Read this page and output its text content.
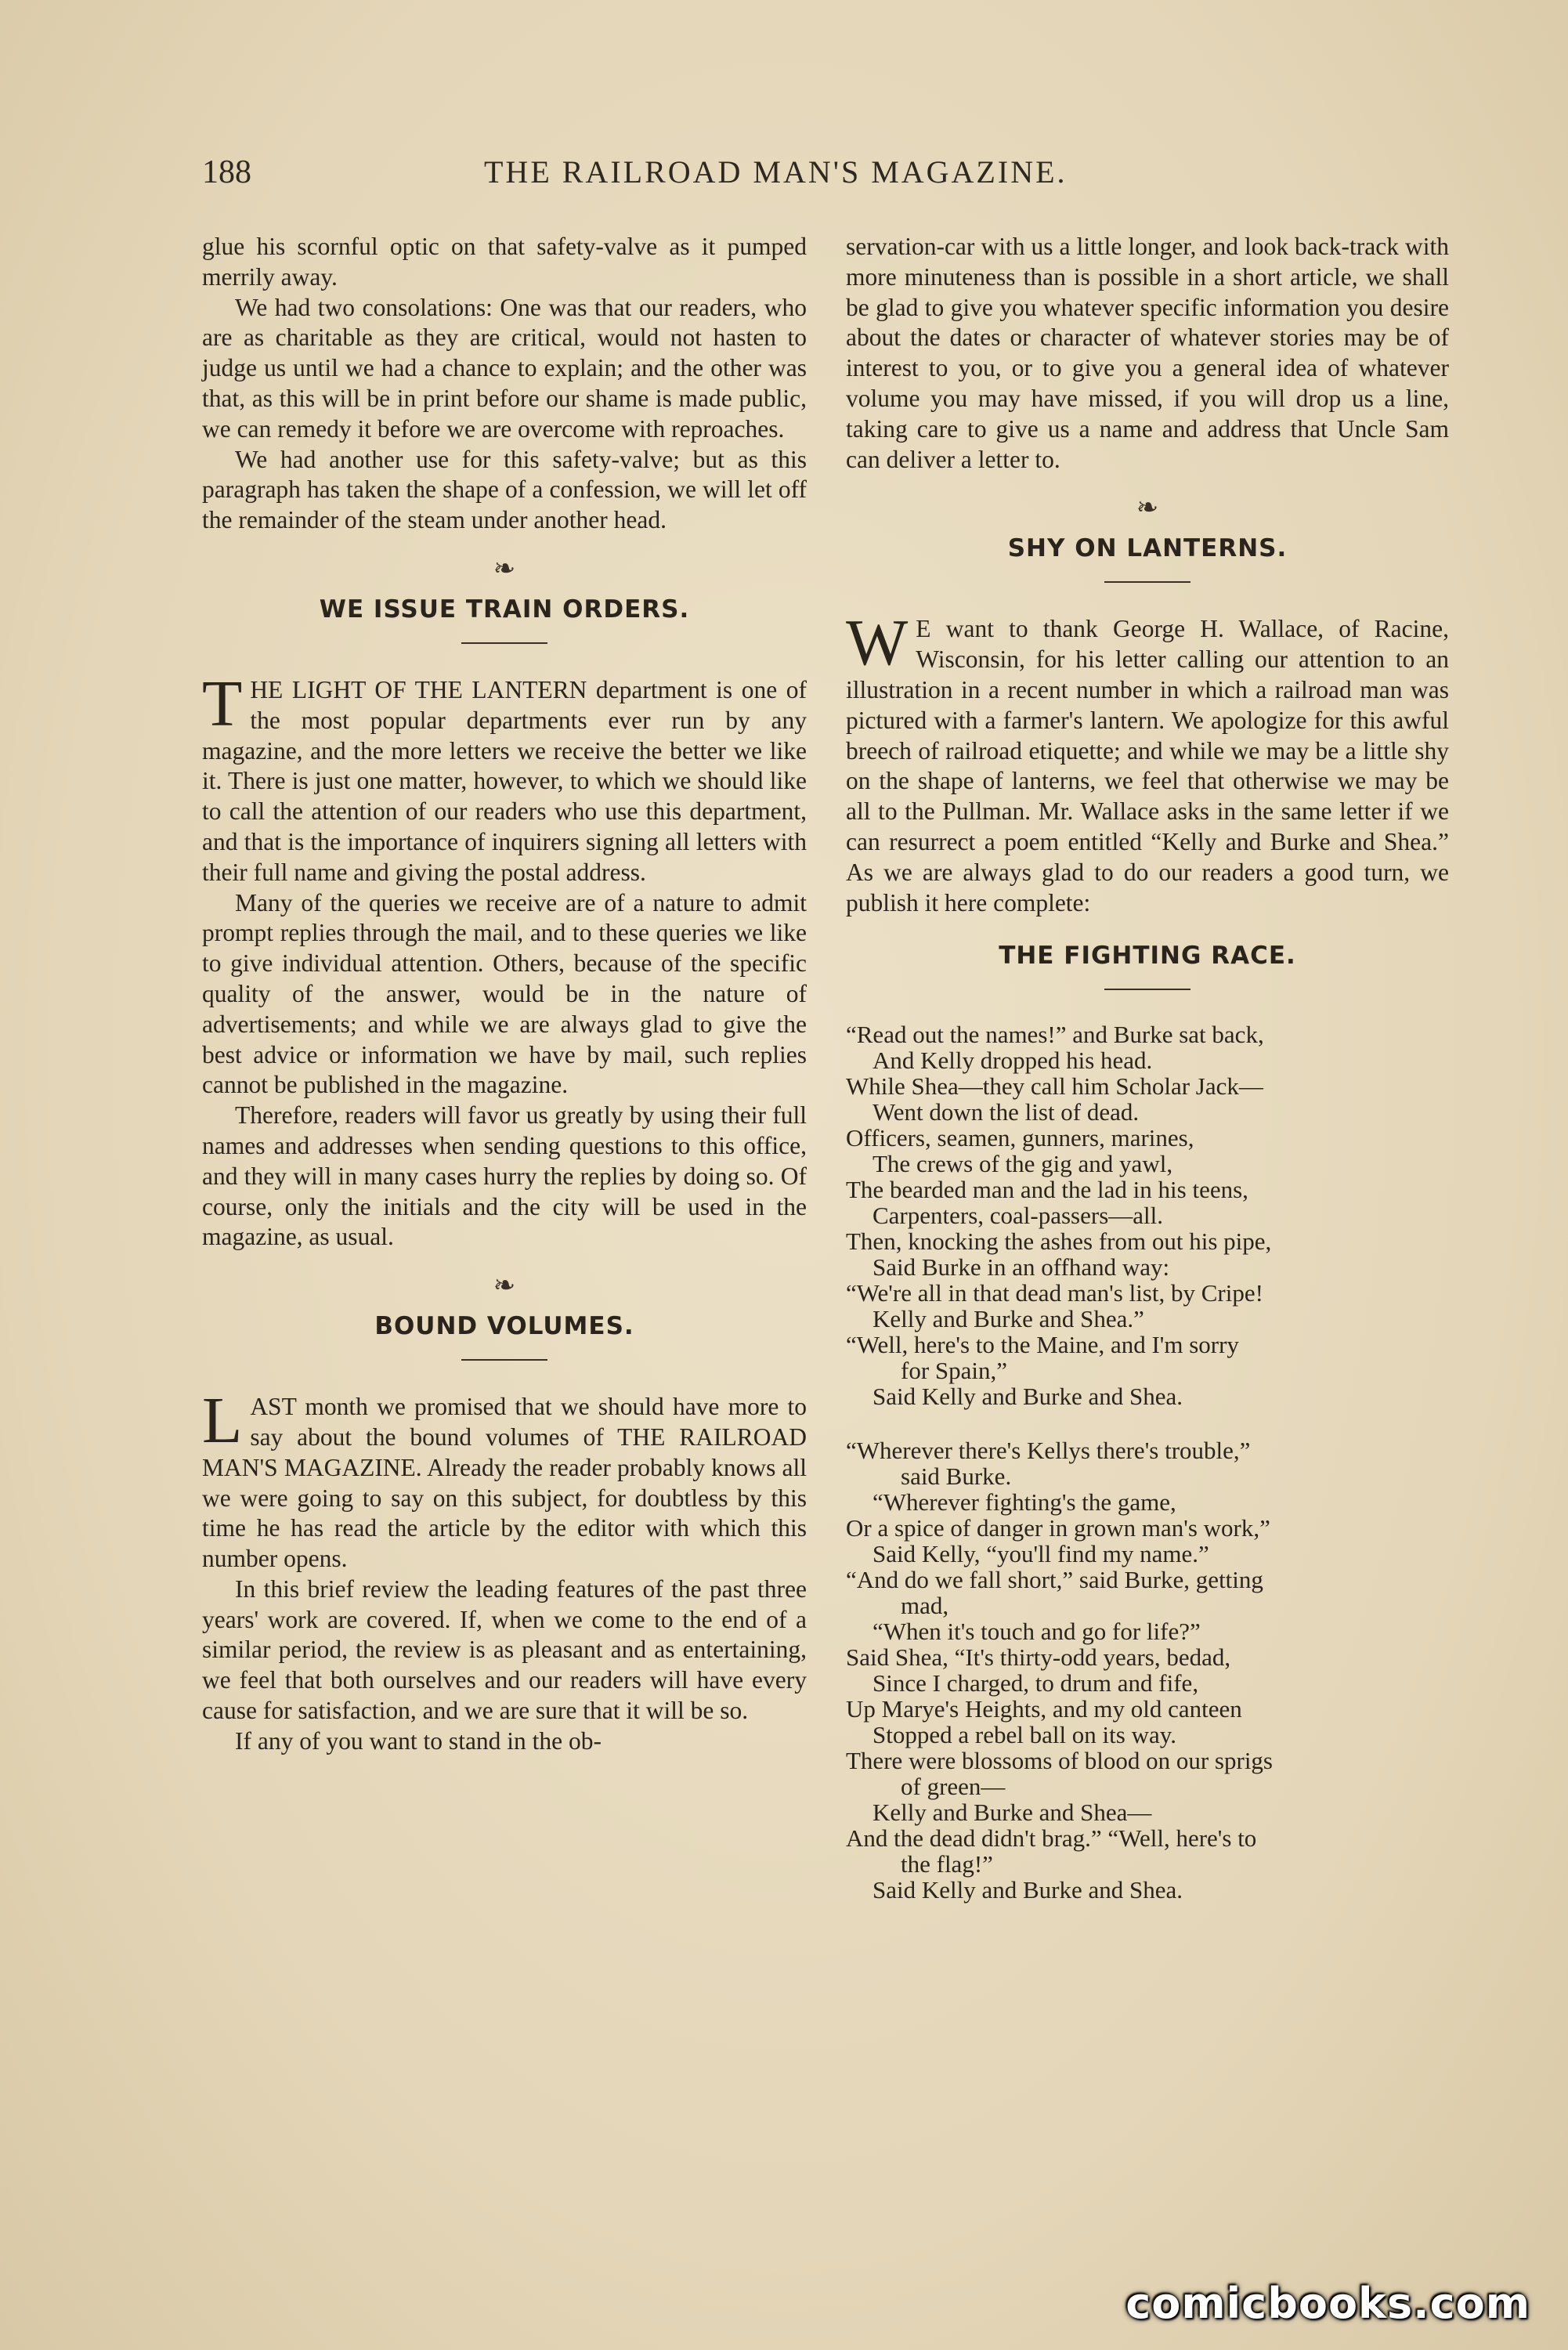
188	THE RAILROAD MAN'S MAGAZINE.

glue his scornful optic on that safety-valve as it pumped merrily away.

We had two consolations: One was that our readers, who are as charitable as they are critical, would not hasten to judge us until we had a chance to explain; and the other was that, as this will be in print before our shame is made public, we can remedy it before we are overcome with reproaches.

We had another use for this safety-valve; but as this paragraph has taken the shape of a confession, we will let off the remainder of the steam under another head.

❧
WE ISSUE TRAIN ORDERS.

THE LIGHT OF THE LANTERN department is one of the most popular departments ever run by any magazine, and the more letters we receive the better we like it. There is just one matter, however, to which we should like to call the attention of our readers who use this department, and that is the importance of inquirers signing all letters with their full name and giving the postal address.

Many of the queries we receive are of a nature to admit prompt replies through the mail, and to these queries we like to give individual attention. Others, because of the specific quality of the answer, would be in the nature of advertisements; and while we are always glad to give the best advice or information we have by mail, such replies cannot be published in the magazine.

Therefore, readers will favor us greatly by using their full names and addresses when sending questions to this office, and they will in many cases hurry the replies by doing so. Of course, only the initials and the city will be used in the magazine, as usual.

❧
BOUND VOLUMES.

LAST month we promised that we should have more to say about the bound volumes of THE RAILROAD MAN'S MAGAZINE. Already the reader probably knows all we were going to say on this subject, for doubtless by this time he has read the article by the editor with which this number opens.

In this brief review the leading features of the past three years' work are covered. If, when we come to the end of a similar period, the review is as pleasant and as entertaining, we feel that both ourselves and our readers will have every cause for satisfaction, and we are sure that it will be so.

If any of you want to stand in the ob-

servation-car with us a little longer, and look back-track with more minuteness than is possible in a short article, we shall be glad to give you whatever specific information you desire about the dates or character of whatever stories may be of interest to you, or to give you a general idea of whatever volume you may have missed, if you will drop us a line, taking care to give us a name and address that Uncle Sam can deliver a letter to.

❧
SHY ON LANTERNS.

W E want to thank George H. Wallace, of Racine, Wisconsin, for his letter calling our attention to an illustration in a recent number in which a railroad man was pictured with a farmer's lantern. We apologize for this awful breech of railroad etiquette; and while we may be a little shy on the shape of lanterns, we feel that otherwise we may be all to the Pullman. Mr. Wallace asks in the same letter if we can resurrect a poem entitled “Kelly and Burke and Shea.” As we are always glad to do our readers a good turn, we publish it here complete:

THE FIGHTING RACE.
“Read out the names!” and Burke sat back,
And Kelly dropped his head.
While Shea—they call him Scholar Jack—
Went down the list of dead.
Officers, seamen, gunners, marines,
The crews of the gig and yawl,
The bearded man and the lad in his teens,
Carpenters, coal-passers—all.
Then, knocking the ashes from out his pipe,
Said Burke in an offhand way:
“We're all in that dead man's list, by Cripe!
Kelly and Burke and Shea.”
“Well, here's to the Maine, and I'm sorry
for Spain,”
Said Kelly and Burke and Shea.
“Wherever there's Kellys there's trouble,”
said Burke.
“Wherever fighting's the game,
Or a spice of danger in grown man's work,”
Said Kelly, “you'll find my name.”
“And do we fall short,” said Burke, getting
mad,
“When it's touch and go for life?”
Said Shea, “It's thirty-odd years, bedad,
Since I charged, to drum and fife,
Up Marye's Heights, and my old canteen
Stopped a rebel ball on its way.
There were blossoms of blood on our sprigs
of green—
Kelly and Burke and Shea—
And the dead didn't brag.” “Well, here's to
the flag!”
Said Kelly and Burke and Shea.
comicbooks.com
